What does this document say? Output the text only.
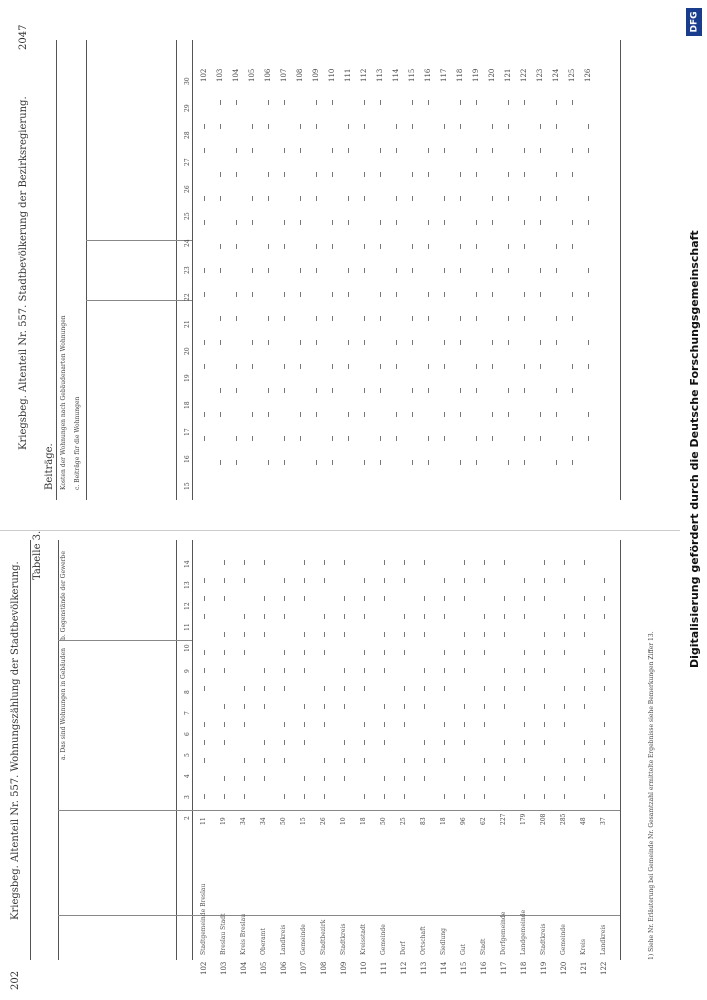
DFG
Digitalisierung gefördert durch die Deutsche Forschungsgemeinschaft
202
Kriegsbeg. Altenteil Nr. 557. Wohnungszählung der Stadtbevölkerung.
Tabelle 3.
a. Das sind Wohnungen in Gebäuden
b. Gegenstände der Gewerbe
1) Siehe Nr. Erläuterung bei Gemeinde Nr. Gesamtzahl ermittelte Ergebnisse siehe Bemerkungen Ziffer 13.
2
3
4
5
6
7
8
9
10
11
12
13
14
102
Stadtgemeinde Breslau
11
103
Breslau Stadt
19
104
Kreis Breslau
34
105
Oberamt
34
106
Landkreis
50
107
Gemeinde
15
108
Stadtbezirk
26
109
Stadtkreis
10
110
Kreisstadt
18
111
Gemeinde
50
112
Dorf
25
113
Ortschaft
83
114
Siedlung
18
115
Gut
96
116
Stadt
62
117
Dorfgemeinde
227
118
Landgemeinde
179
119
Stadtkreis
208
120
Gemeinde
285
121
Kreis
48
122
Landkreis
37
2047
Kriegsbeg. Altenteil Nr. 557. Stadtbevölkerung der Bezirksregierung.
Beiträge. Kosten der Wohnungen nach Gebäudenarten Wohnungen c. Beiträge für die Wohnungen	15
16
17
18
19
20
21
22
23
24
25
26
27
28
29
30 102 103 104 105 106 107 108 109 110 111 112 113 114 115 116 117 118 119 120 121 122 123 124 125 126
